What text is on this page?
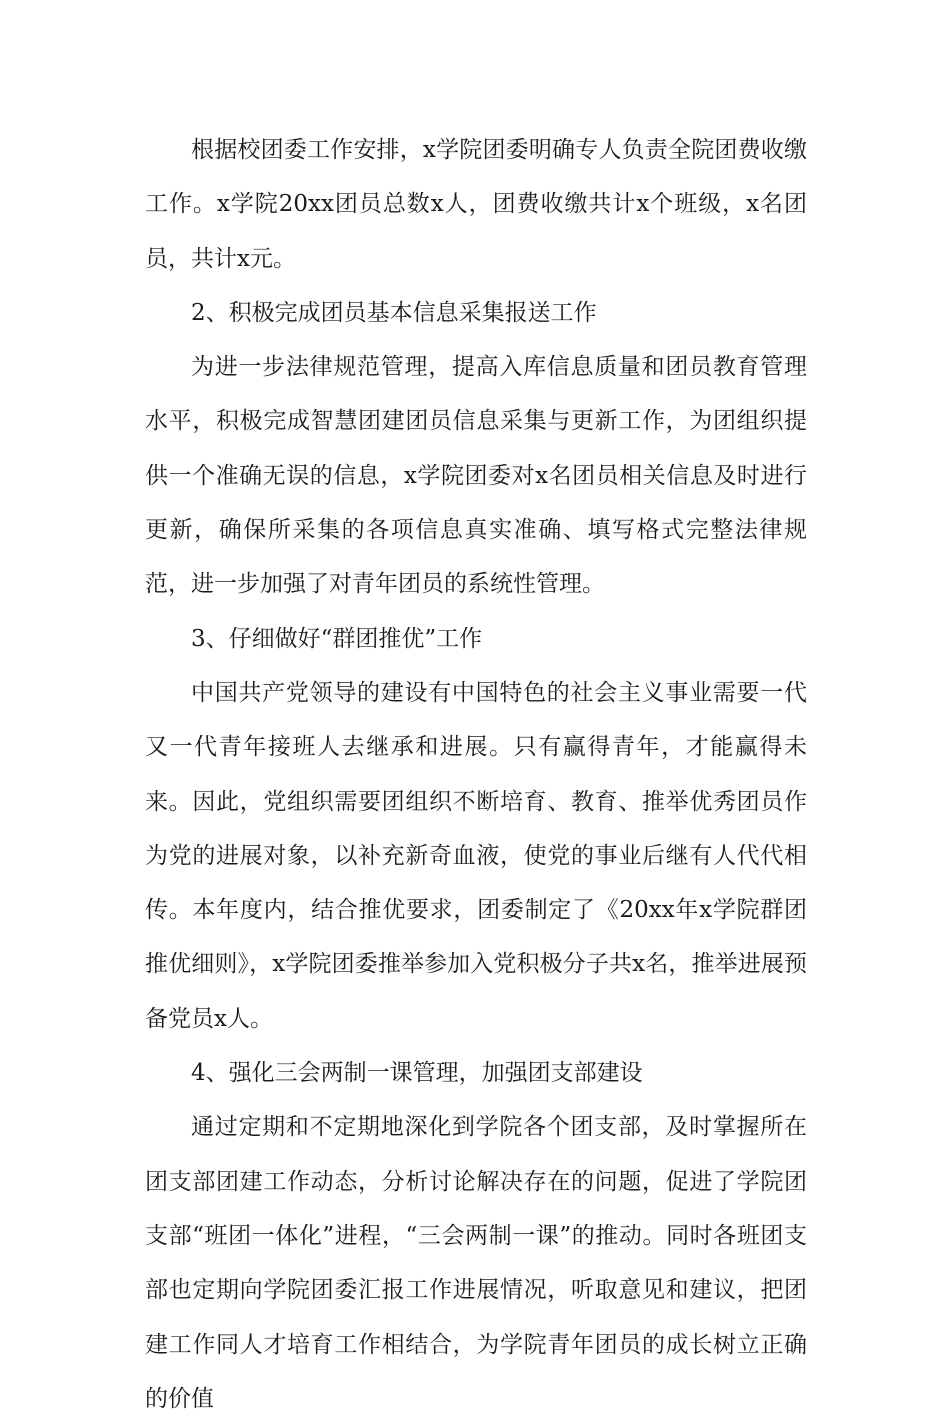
根据校团委工作安排，x学院团委明确专人负责全院团费收缴工作。x学院20xx团员总数x人，团费收缴共计x个班级，x名团员，共计x元。

2、积极完成团员基本信息采集报送工作

为进一步法律规范管理，提高入库信息质量和团员教育管理水平，积极完成智慧团建团员信息采集与更新工作，为团组织提供一个准确无误的信息，x学院团委对x名团员相关信息及时进行更新，确保所采集的各项信息真实准确、填写格式完整法律规范，进一步加强了对青年团员的系统性管理。

3、仔细做好“群团推优”工作

中国共产党领导的建设有中国特色的社会主义事业需要一代又一代青年接班人去继承和进展。只有赢得青年，才能赢得未来。因此，党组织需要团组织不断培育、教育、推举优秀团员作为党的进展对象，以补充新奇血液，使党的事业后继有人代代相传。本年度内，结合推优要求，团委制定了《20xx年x学院群团推优细则》，x学院团委推举参加入党积极分子共x名，推举进展预备党员x人。

4、强化三会两制一课管理，加强团支部建设

通过定期和不定期地深化到学院各个团支部，及时掌握所在团支部团建工作动态，分析讨论解决存在的问题，促进了学院团支部“班团一体化”进程，“三会两制一课”的推动。同时各班团支部也定期向学院团委汇报工作进展情况，听取意见和建议，把团建工作同人才培育工作相结合，为学院青年团员的成长树立正确的价值
